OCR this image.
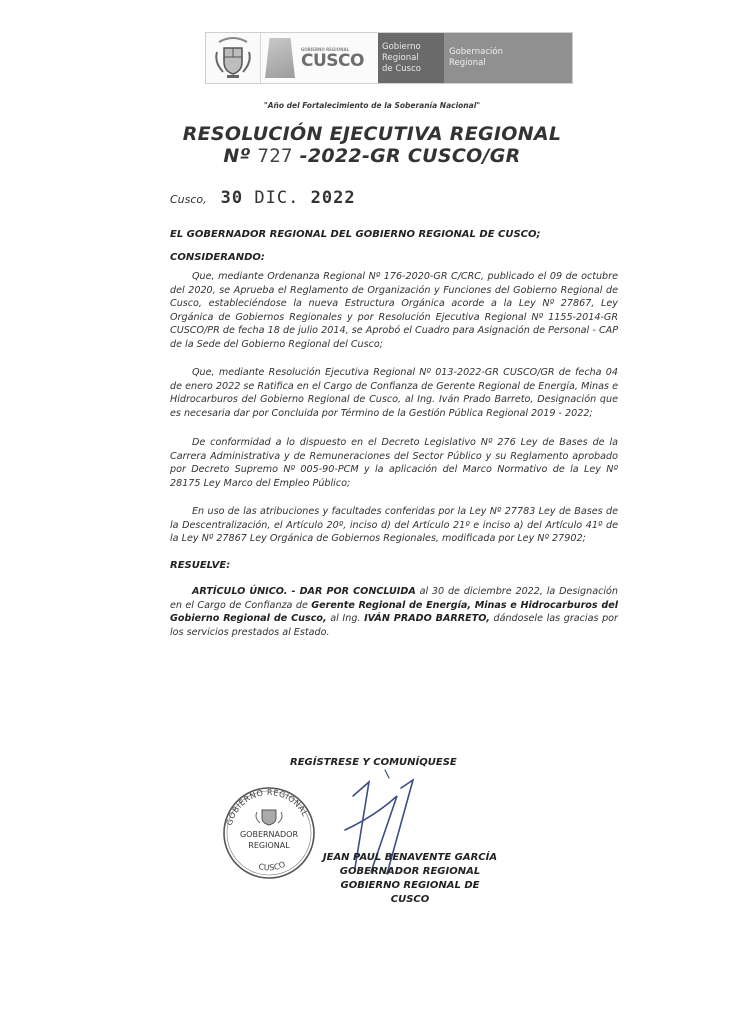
GOBIERNO REGIONAL
CUSCO
Gobierno Regional
de Cusco
Gobernación
Regional
"Año del Fortalecimiento de la Soberanía Nacional"
RESOLUCIÓN EJECUTIVA REGIONAL
Nº 727 -2022-GR CUSCO/GR
Cusco, 30 DIC. 2022
EL GOBERNADOR REGIONAL DEL GOBIERNO REGIONAL DE CUSCO;
CONSIDERANDO:
Que, mediante Ordenanza Regional Nº 176-2020-GR C/CRC, publicado el 09 de octubre del 2020, se Aprueba el Reglamento de Organización y Funciones del Gobierno Regional de Cusco, estableciéndose la nueva Estructura Orgánica acorde a la Ley Nº 27867, Ley Orgánica de Gobiernos Regionales y por Resolución Ejecutiva Regional Nº 1155-2014-GR CUSCO/PR de fecha 18 de julio 2014, se Aprobó el Cuadro para Asignación de Personal - CAP de la Sede del Gobierno Regional del Cusco;
Que, mediante Resolución Ejecutiva Regional Nº 013-2022-GR CUSCO/GR de fecha 04 de enero 2022 se Ratifica en el Cargo de Confianza de Gerente Regional de Energía, Minas e Hidrocarburos del Gobierno Regional de Cusco, al Ing. Iván Prado Barreto, Designación que es necesaria dar por Concluida por Término de la Gestión Pública Regional 2019 - 2022;
De conformidad a lo dispuesto en el Decreto Legislativo Nº 276 Ley de Bases de la Carrera Administrativa y de Remuneraciones del Sector Público y su Reglamento aprobado por Decreto Supremo Nº 005-90-PCM y la aplicación del Marco Normativo de la Ley Nº 28175 Ley Marco del Empleo Público;
En uso de las atribuciones y facultades conferidas por la Ley Nº 27783 Ley de Bases de la Descentralización, el Artículo 20º, inciso d) del Artículo 21º e inciso a) del Artículo 41º de la Ley Nº 27867 Ley Orgánica de Gobiernos Regionales, modificada por Ley Nº 27902;
RESUELVE:
ARTÍCULO ÚNICO. - DAR POR CONCLUIDA al 30 de diciembre 2022, la Designación en el Cargo de Confianza de Gerente Regional de Energía, Minas e Hidrocarburos del Gobierno Regional de Cusco, al Ing. IVÁN PRADO BARRETO, dándosele las gracias por los servicios prestados al Estado.
REGÍSTRESE Y COMUNÍQUESE
GOBIERNO REGIONAL
GOBERNADOR
REGIONAL
CUSCO
JEAN PAUL BENAVENTE GARCÍA
GOBERNADOR REGIONAL
GOBIERNO REGIONAL DE CUSCO
